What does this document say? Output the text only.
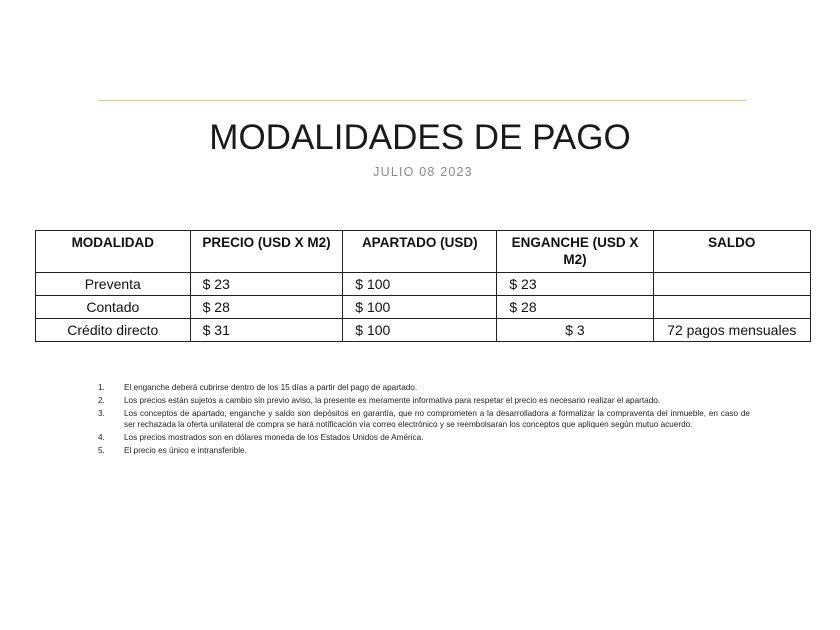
MODALIDADES DE PAGO
JULIO 08 2023
MODALIDAD	PRECIO (USD X M2)	APARTADO (USD)	ENGANCHE (USD X M2)	SALDO
Preventa	$ 23	$ 100	$ 23	
Contado	$ 28	$ 100	$ 28	
Crédito directo	$ 31	$ 100	$ 3	72 pagos mensuales
1.	El enganche deberá cubrirse dentro de los 15 días a partir del pago de apartado.
2.	Los precios están sujetos a cambio sin previo aviso, la presente es meramente informativa para respetar el precio es necesario realizar el apartado.
3.	Los conceptos de apartado, enganche y saldo son depósitos en garantía, que no comprometen a la desarrolladora a formalizar la compraventa del inmueble, en caso de ser rechazada la oferta unilateral de compra se hará notificación vía correo electrónico y se reembolsaran los conceptos que apliquen según mutuo acuerdo.
4.	Los precios mostrados son en dólares moneda de los Estados Unidos de América.
5.	El precio es único e intransferible.
